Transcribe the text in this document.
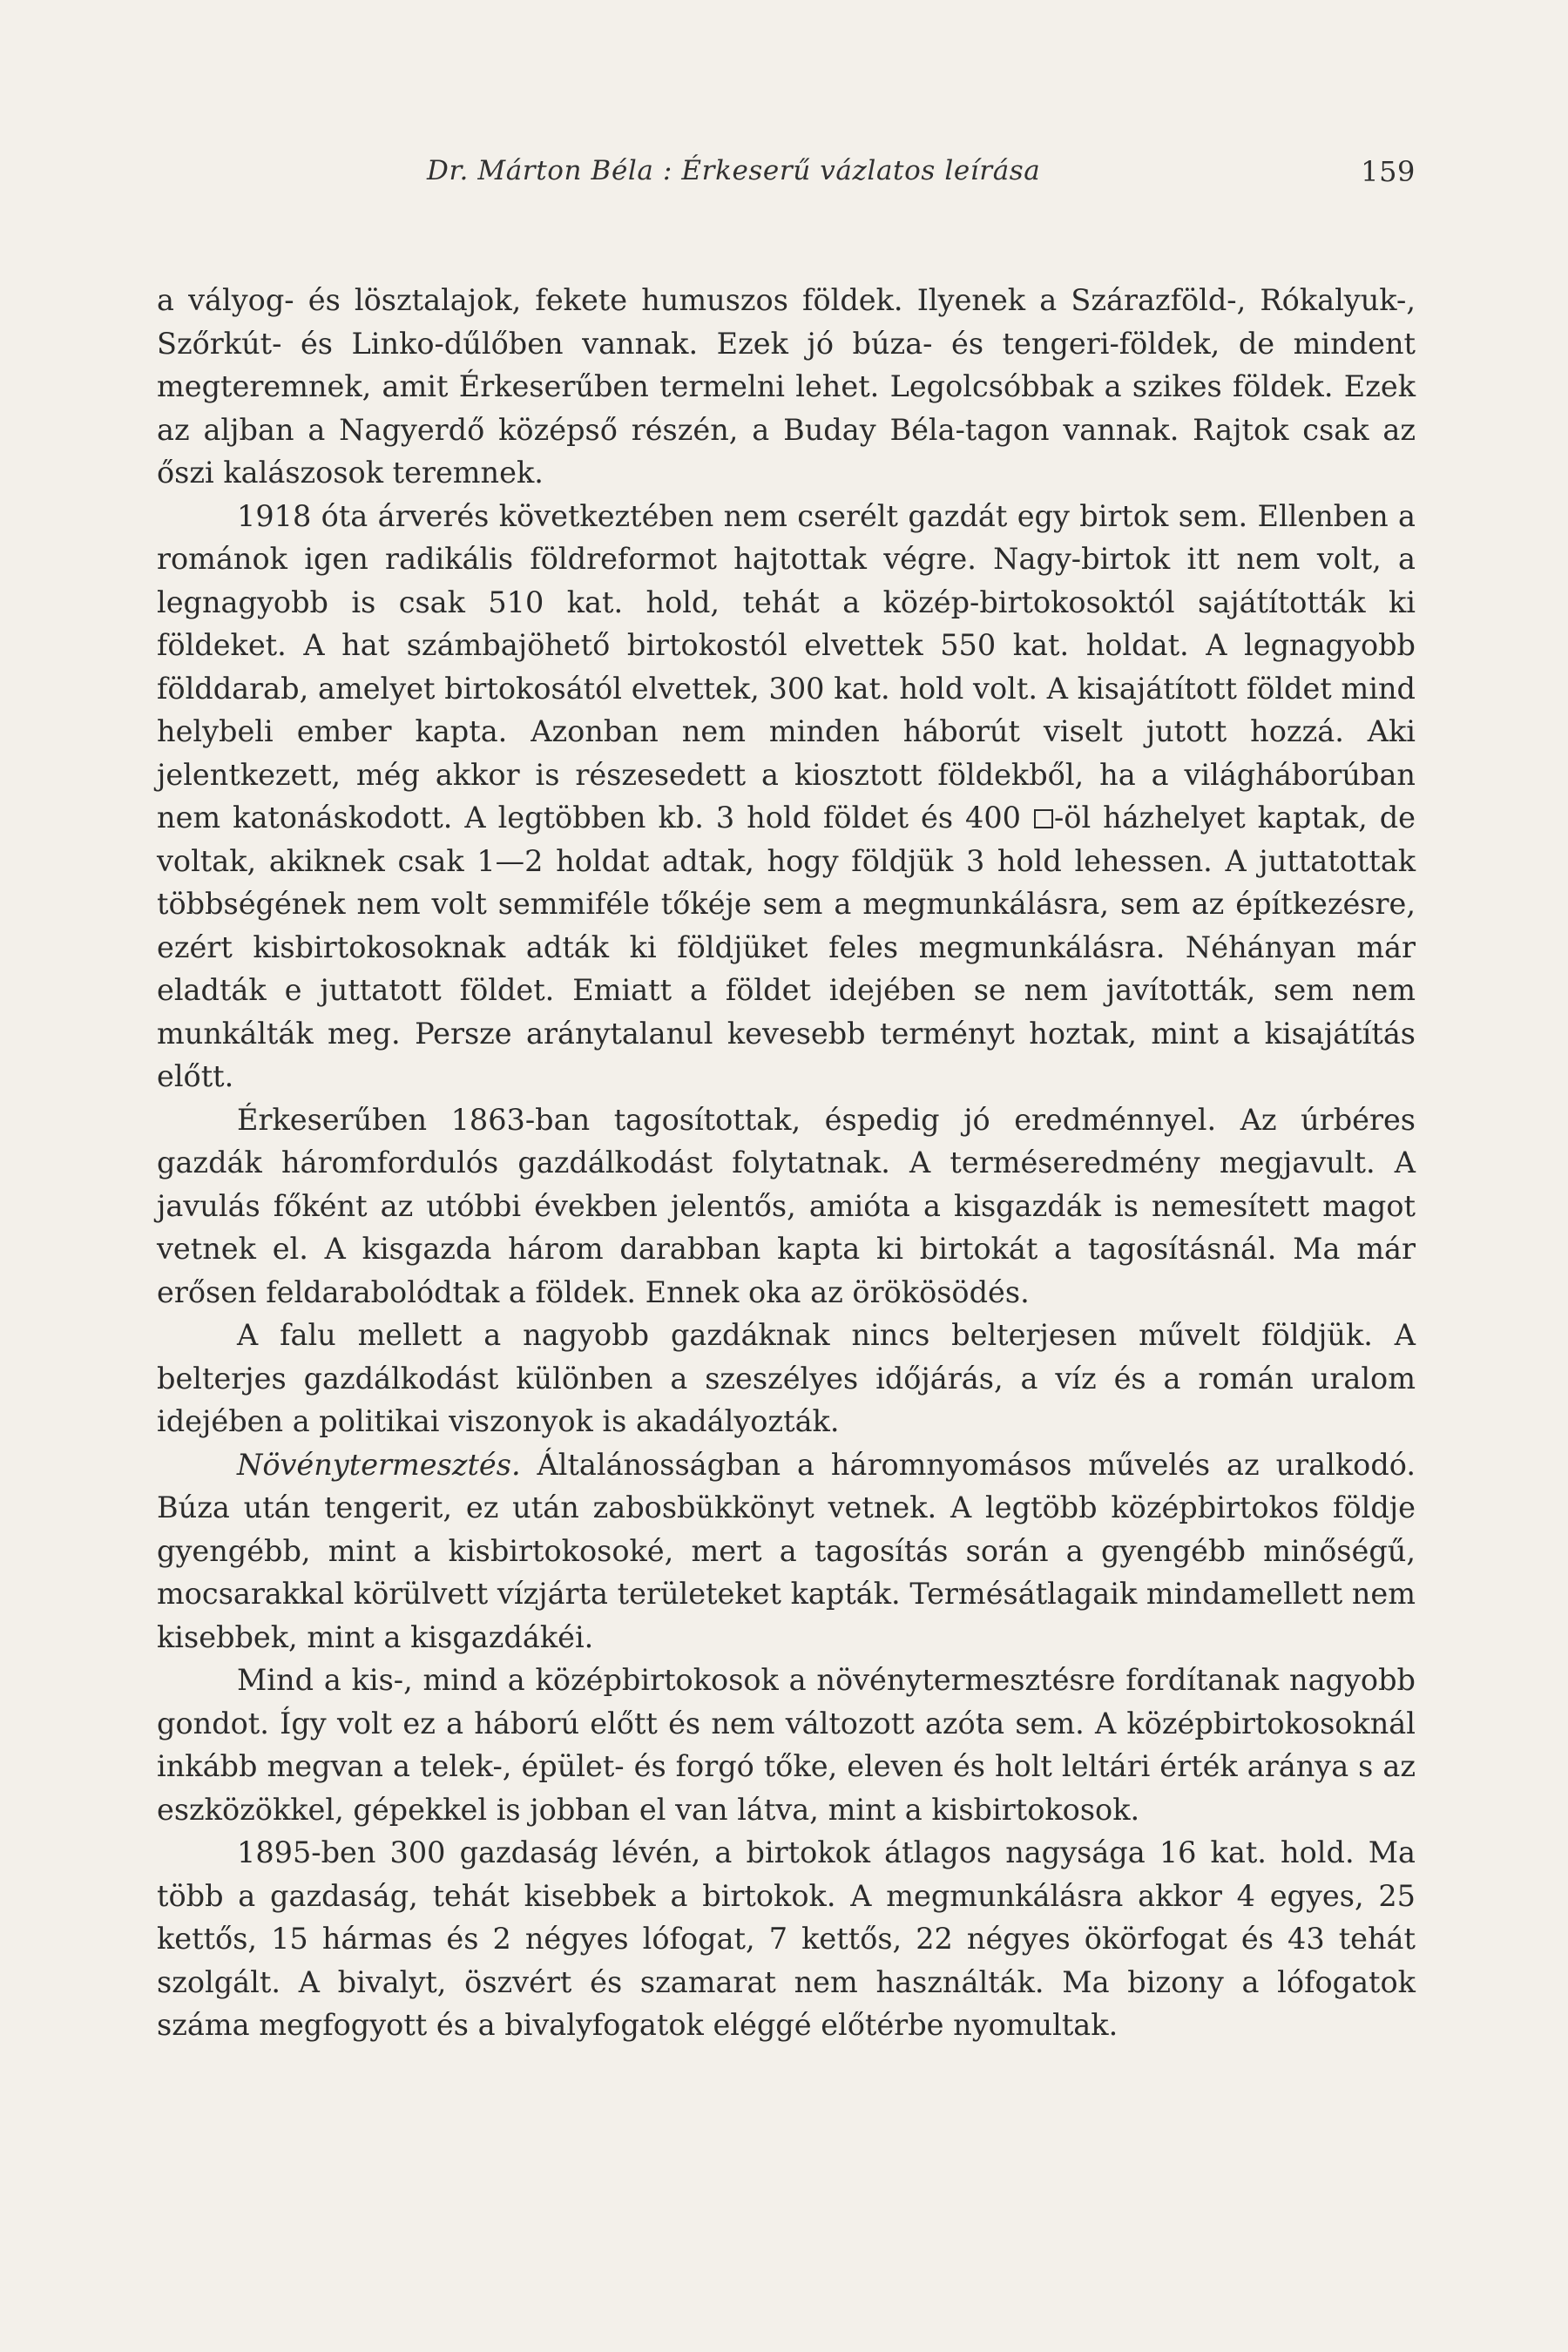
Dr. Márton Béla : Érkeserű vázlatos leírása	159

a vályog- és lösztalajok, fekete humuszos földek. Ilyenek a Szárazföld-, Rókalyuk-, Szőrkút- és Linko-dűlőben vannak. Ezek jó búza- és tengeri-földek, de mindent megteremnek, amit Érkeserűben termelni lehet. Legolcsóbbak a szikes földek. Ezek az aljban a Nagyerdő középső részén, a Buday Béla-tagon vannak. Rajtok csak az őszi kalászosok teremnek.

1918 óta árverés következtében nem cserélt gazdát egy birtok sem. Ellenben a románok igen radikális földreformot hajtottak végre. Nagy-birtok itt nem volt, a legnagyobb is csak 510 kat. hold, tehát a közép-birtokosoktól sajátították ki földeket. A hat számbajöhető birtokostól elvettek 550 kat. holdat. A legnagyobb földdarab, amelyet birtokosától elvettek, 300 kat. hold volt. A kisajátított földet mind helybeli ember kapta. Azonban nem minden háborút viselt jutott hozzá. Aki jelentkezett, még akkor is részesedett a kiosztott földekből, ha a világháborúban nem katonáskodott. A legtöbben kb. 3 hold földet és 400 -öl házhelyet kaptak, de voltak, akiknek csak 1—2 holdat adtak, hogy földjük 3 hold lehessen. A juttatottak többségének nem volt semmiféle tőkéje sem a megmunkálásra, sem az építkezésre, ezért kisbirtokosoknak adták ki földjüket feles megmunkálásra. Néhányan már eladták e juttatott földet. Emiatt a földet idejében se nem javították, sem nem munkálták meg. Persze aránytalanul kevesebb terményt hoztak, mint a kisajátítás előtt.

Érkeserűben 1863-ban tagosítottak, éspedig jó eredménnyel. Az úrbéres gazdák háromfordulós gazdálkodást folytatnak. A terméseredmény megjavult. A javulás főként az utóbbi években jelentős, amióta a kisgazdák is nemesített magot vetnek el. A kisgazda három darabban kapta ki birtokát a tagosításnál. Ma már erősen feldarabolódtak a földek. Ennek oka az örökösödés.

A falu mellett a nagyobb gazdáknak nincs belterjesen művelt földjük. A belterjes gazdálkodást különben a szeszélyes időjárás, a víz és a román uralom idejében a politikai viszonyok is akadályozták.

Növénytermesztés. Általánosságban a háromnyomásos művelés az uralkodó. Búza után tengerit, ez után zabosbükkönyt vetnek. A legtöbb középbirtokos földje gyengébb, mint a kisbirtokosoké, mert a tagosítás során a gyengébb minőségű, mocsarakkal körülvett vízjárta területeket kapták. Termésátlagaik mindamellett nem kisebbek, mint a kisgazdákéi.

Mind a kis-, mind a középbirtokosok a növénytermesztésre fordítanak nagyobb gondot. Így volt ez a háború előtt és nem változott azóta sem. A középbirtokosoknál inkább megvan a telek-, épület- és forgó tőke, eleven és holt leltári érték aránya s az eszközökkel, gépekkel is jobban el van látva, mint a kisbirtokosok.

1895-ben 300 gazdaság lévén, a birtokok átlagos nagysága 16 kat. hold. Ma több a gazdaság, tehát kisebbek a birtokok. A megmunkálásra akkor 4 egyes, 25 kettős, 15 hármas és 2 négyes lófogat, 7 kettős, 22 négyes ökörfogat és 43 tehát szolgált. A bivalyt, öszvért és szamarat nem használták. Ma bizony a lófogatok száma megfogyott és a bivalyfogatok eléggé előtérbe nyomultak.
